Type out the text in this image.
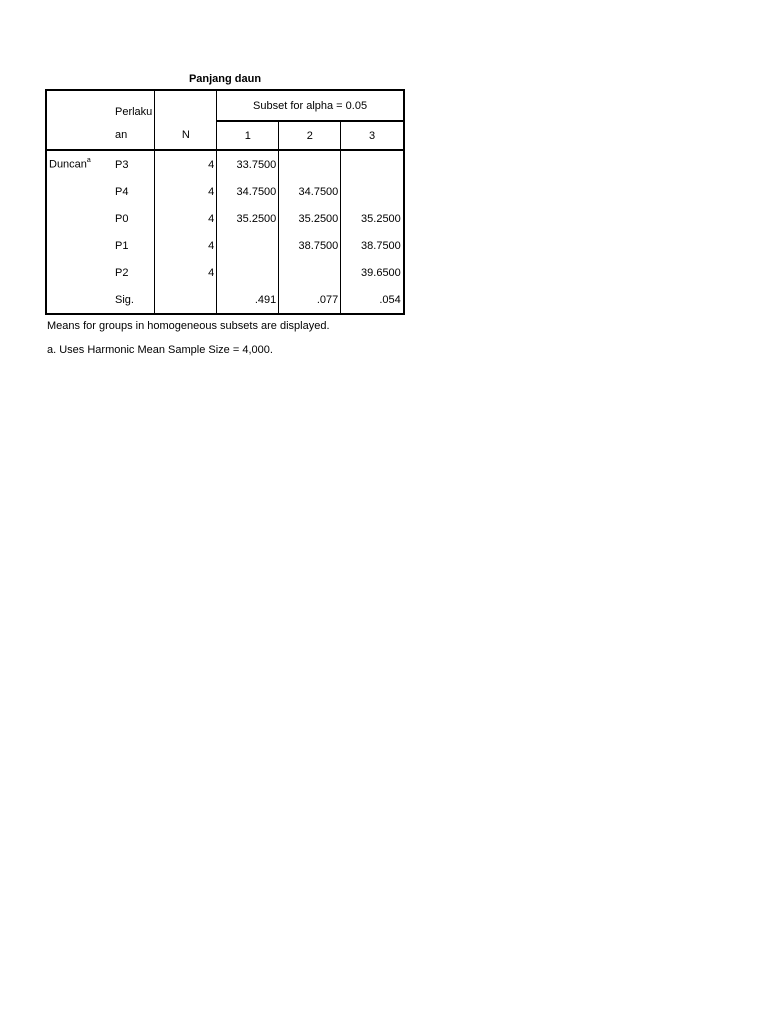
Panjang daun
	Perlaku		Subset for alpha = 0.05		
	an	N	1	2	3
Duncan$^a$	P3	4	33.7500		
	P4	4	34.7500	34.7500	
	P0	4	35.2500	35.2500	35.2500
	P1	4		38.7500	38.7500
	P2	4			39.6500
	Sig.		.491	.077	.054
Means for groups in homogeneous subsets are displayed.
a. Uses Harmonic Mean Sample Size = 4,000.
